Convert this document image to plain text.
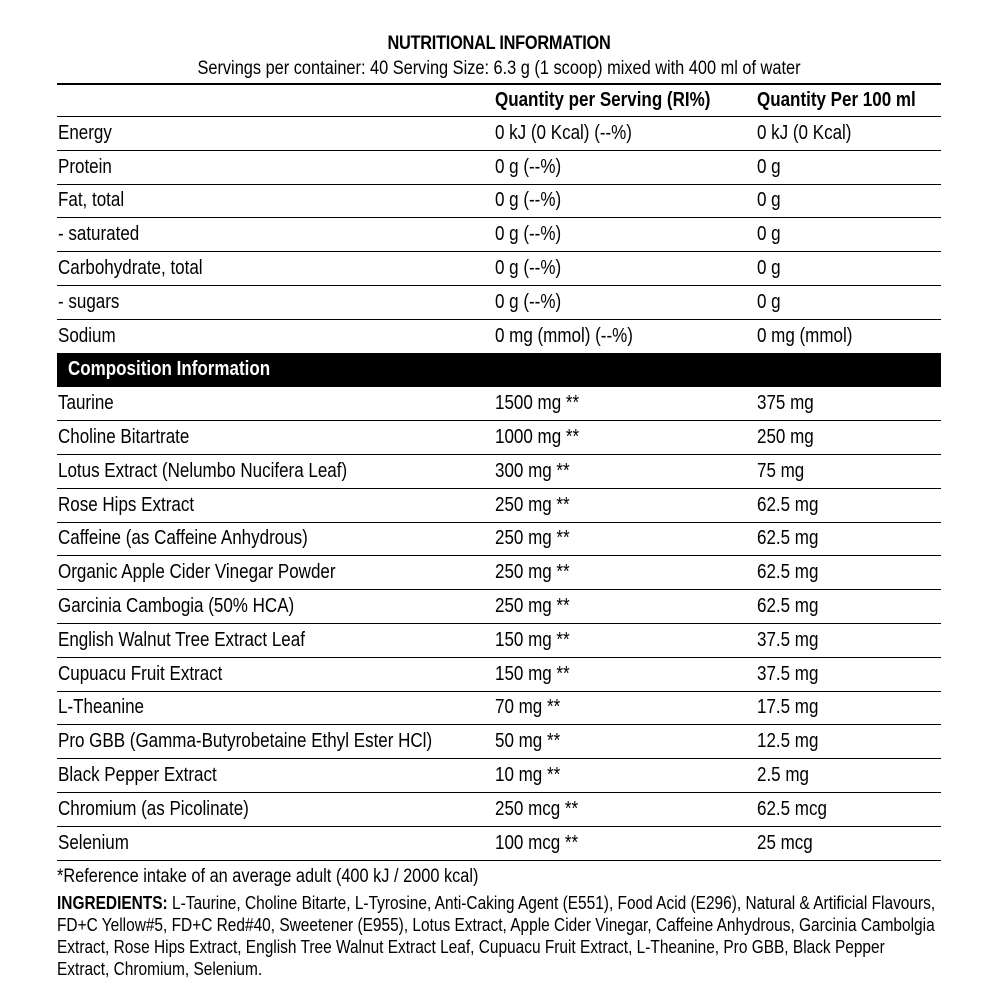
NUTRITIONAL INFORMATION
Servings per container: 40 Serving Size: 6.3 g (1 scoop) mixed with 400 ml of water
	Quantity per Serving (RI%)	Quantity Per 100 ml
Energy	0 kJ (0 Kcal) (--%)	0 kJ (0 Kcal)
Protein	0 g (--%)	0 g
Fat, total	0 g (--%)	0 g
- saturated	0 g (--%)	0 g
Carbohydrate, total	0 g (--%)	0 g
- sugars	0 g (--%)	0 g
Sodium	0 mg (mmol) (--%)	0 mg (mmol)
Composition Information		
Taurine	1500 mg **	375 mg
Choline Bitartrate	1000 mg **	250 mg
Lotus Extract (Nelumbo Nucifera Leaf)	300 mg **	75 mg
Rose Hips Extract	250 mg **	62.5 mg
Caffeine (as Caffeine Anhydrous)	250 mg **	62.5 mg
Organic Apple Cider Vinegar Powder	250 mg **	62.5 mg
Garcinia Cambogia (50% HCA)	250 mg **	62.5 mg
English Walnut Tree Extract Leaf	150 mg **	37.5 mg
Cupuacu Fruit Extract	150 mg **	37.5 mg
L-Theanine	70 mg **	17.5 mg
Pro GBB (Gamma-Butyrobetaine Ethyl Ester HCl)	50 mg **	12.5 mg
Black Pepper Extract	10 mg **	2.5 mg
Chromium (as Picolinate)	250 mcg **	62.5 mcg
Selenium	100 mcg **	25 mcg
*Reference intake of an average adult (400 kJ / 2000 kcal)
INGREDIENTS: L-Taurine, Choline Bitarte, L-Tyrosine, Anti-Caking Agent (E551), Food Acid (E296), Natural & Artificial Flavours, FD+C Yellow#5, FD+C Red#40, Sweetener (E955), Lotus Extract, Apple Cider Vinegar, Caffeine Anhydrous, Garcinia Cambolgia Extract, Rose Hips Extract, English Tree Walnut Extract Leaf, Cupuacu Fruit Extract, L-Theanine, Pro GBB, Black Pepper Extract, Chromium, Selenium.
